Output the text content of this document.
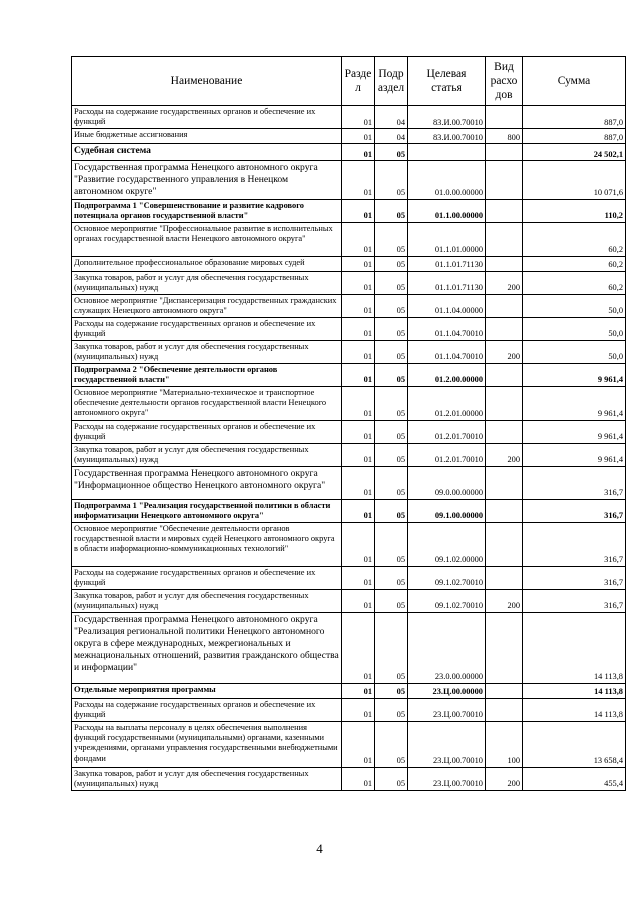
Наименование	Разде л	Подр аздел	Целевая статья	Вид расхо дов	Сумма
Расходы на содержание государственных органов и обеспечение их функций	01	04	83.И.00.70010		887,0
Иные бюджетные ассигнования	01	04	83.И.00.70010	800	887,0
Судебная система	01	05			24 502,1
Государственная программа Ненецкого автономного округа "Развитие государственного управления в Ненецком автономном округе"	01	05	01.0.00.00000		10 071,6
Подпрограмма 1 "Совершенствование и развитие кадрового потенциала органов государственной власти"	01	05	01.1.00.00000		110,2
Основное мероприятие "Профессиональное развитие в исполнительных органах государственной власти Ненецкого автономного округа"	01	05	01.1.01.00000		60,2
Дополнительное профессиональное образование мировых судей	01	05	01.1.01.71130		60,2
Закупка товаров, работ и услуг для обеспечения государственных (муниципальных) нужд	01	05	01.1.01.71130	200	60,2
Основное мероприятие "Диспансеризация государственных гражданских служащих Ненецкого автономного округа"	01	05	01.1.04.00000		50,0
Расходы на содержание государственных органов и обеспечение их функций	01	05	01.1.04.70010		50,0
Закупка товаров, работ и услуг для обеспечения государственных (муниципальных) нужд	01	05	01.1.04.70010	200	50,0
Подпрограмма 2 "Обеспечение деятельности органов государственной власти"	01	05	01.2.00.00000		9 961,4
Основное мероприятие "Материально-техническое и транспортное обеспечение деятельности органов государственной власти Ненецкого автономного округа"	01	05	01.2.01.00000		9 961,4
Расходы на содержание государственных органов и обеспечение их функций	01	05	01.2.01.70010		9 961,4
Закупка товаров, работ и услуг для обеспечения государственных (муниципальных) нужд	01	05	01.2.01.70010	200	9 961,4
Государственная программа Ненецкого автономного округа "Информационное общество Ненецкого автономного округа"	01	05	09.0.00.00000		316,7
Подпрограмма 1 "Реализация государственной политики в области информатизации Ненецкого автономного округа"	01	05	09.1.00.00000		316,7
Основное мероприятие "Обеспечение деятельности органов государственной власти и мировых судей Ненецкого автономного округа в области информационно-коммуникационных технологий"	01	05	09.1.02.00000		316,7
Расходы на содержание государственных органов и обеспечение их функций	01	05	09.1.02.70010		316,7
Закупка товаров, работ и услуг для обеспечения государственных (муниципальных) нужд	01	05	09.1.02.70010	200	316,7
Государственная программа Ненецкого автономного округа "Реализация региональной политики Ненецкого автономного округа в сфере международных, межрегиональных и межнациональных отношений, развития гражданского общества и информации"	01	05	23.0.00.00000		14 113,8
Отдельные мероприятия программы	01	05	23.Ц.00.00000		14 113,8
Расходы на содержание государственных органов и обеспечение их функций	01	05	23.Ц.00.70010		14 113,8
Расходы на выплаты персоналу в целях обеспечения выполнения функций государственными (муниципальными) органами, казенными учреждениями, органами управления государственными внебюджетными фондами	01	05	23.Ц.00.70010	100	13 658,4
Закупка товаров, работ и услуг для обеспечения государственных (муниципальных) нужд	01	05	23.Ц.00.70010	200	455,4
4
